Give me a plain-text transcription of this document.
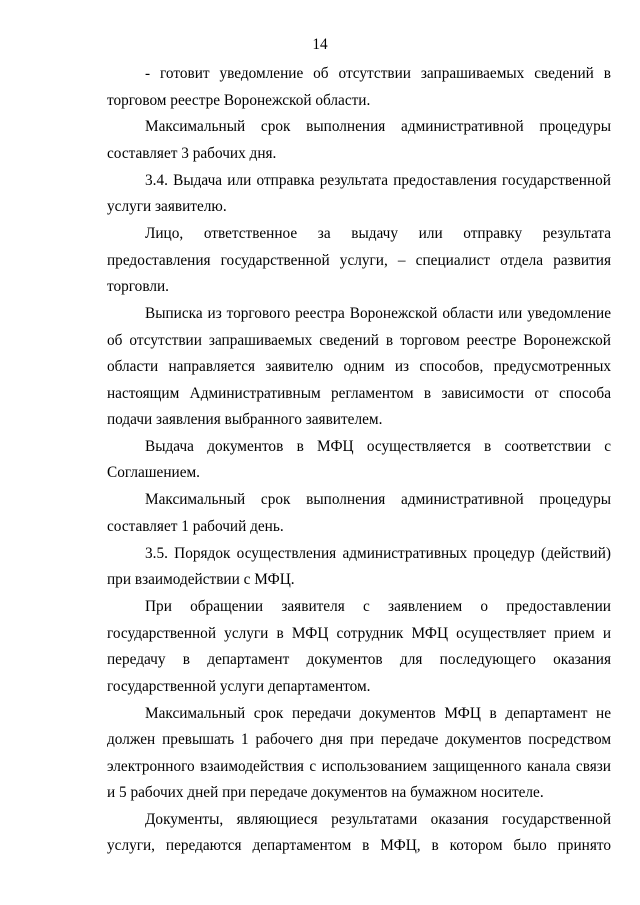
14

- готовит уведомление об отсутствии запрашиваемых сведений в торговом реестре Воронежской области.

Максимальный срок выполнения административной процедуры составляет 3 рабочих дня.

3.4. Выдача или отправка результата предоставления государственной услуги заявителю.

Лицо, ответственное за выдачу или отправку результата предоставления государственной услуги, – специалист отдела развития торговли.

Выписка из торгового реестра Воронежской области или уведомление об отсутствии запрашиваемых сведений в торговом реестре Воронежской области направляется заявителю одним из способов, предусмотренных настоящим Административным регламентом в зависимости от способа подачи заявления выбранного заявителем.

Выдача документов в МФЦ осуществляется в соответствии с Соглашением.

Максимальный срок выполнения административной процедуры составляет 1 рабочий день.

3.5. Порядок осуществления административных процедур (действий) при взаимодействии с МФЦ.

При обращении заявителя с заявлением о предоставлении государственной услуги в МФЦ сотрудник МФЦ осуществляет прием и передачу в департамент документов для последующего оказания государственной услуги департаментом.

Максимальный срок передачи документов МФЦ в департамент не должен превышать 1 рабочего дня при передаче документов посредством электронного взаимодействия с использованием защищенного канала связи и 5 рабочих дней при передаче документов на бумажном носителе.

Документы, являющиеся результатами оказания государственной услуги, передаются департаментом в МФЦ, в котором было принято
